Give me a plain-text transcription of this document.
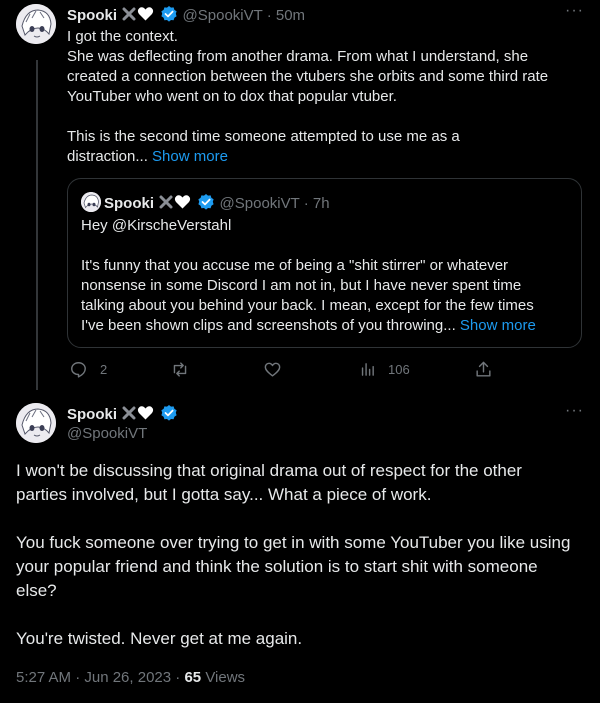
Spooki	@SpookiVT · 50m	···

I got the context.

She was deflecting from another drama. From what I understand, she

created a connection between the vtubers she orbits and some third rate

YouTuber who went on to dox that popular vtuber.

This is the second time someone attempted to use me as a

distraction... Show more

Spooki	@SpookiVT · 7h

Hey @KirscheVerstahl

It's funny that you accuse me of being a "shit stirrer" or whatever

nonsense in some Discord I am not in, but I have never spent time

talking about you behind your back. I mean, except for the few times

I've been shown clips and screenshots of you throwing... Show more

2	106
Spooki
@SpookiVT
···

I won't be discussing that original drama out of respect for the other

parties involved, but I gotta say... What a piece of work.

You fuck someone over trying to get in with some YouTuber you like using

your popular friend and think the solution is to start shit with someone

else?

You're twisted. Never get at me again.

5:27 AM · Jun 26, 2023 · 65 Views
